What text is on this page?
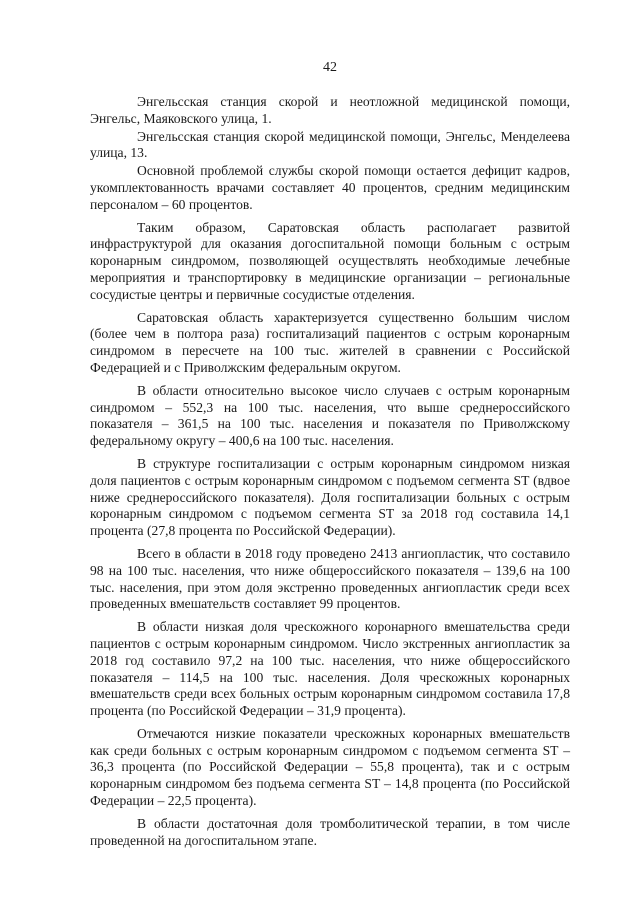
42

Энгельсская станция скорой и неотложной медицинской помощи, Энгельс, Маяковского улица, 1.

Энгельсская станция скорой медицинской помощи, Энгельс, Менделеева улица, 13.

Основной проблемой службы скорой помощи остается дефицит кадров, укомплектованность врачами составляет 40 процентов, средним медицинским персоналом – 60 процентов.

Таким образом, Саратовская область располагает развитой инфраструктурой для оказания догоспитальной помощи больным с острым коронарным синдромом, позволяющей осуществлять необходимые лечебные мероприятия и транспортировку в медицинские организации – региональные сосудистые центры и первичные сосудистые отделения.

Саратовская область характеризуется существенно большим числом (более чем в полтора раза) госпитализаций пациентов с острым коронарным синдромом в пересчете на 100 тыс. жителей в сравнении с Российской Федерацией и с Приволжским федеральным округом.

В области относительно высокое число случаев с острым коронарным синдромом – 552,3 на 100 тыс. населения, что выше среднероссийского показателя – 361,5 на 100 тыс. населения и показателя по Приволжскому федеральному округу – 400,6 на 100 тыс. населения.

В структуре госпитализации с острым коронарным синдромом низкая доля пациентов с острым коронарным синдромом с подъемом сегмента ST (вдвое ниже среднероссийского показателя). Доля госпитализации больных с острым коронарным синдромом с подъемом сегмента ST за 2018 год составила 14,1 процента (27,8 процента по Российской Федерации).

Всего в области в 2018 году проведено 2413 ангиопластик, что составило 98 на 100 тыс. населения, что ниже общероссийского показателя – 139,6 на 100 тыс. населения, при этом доля экстренно проведенных ангиопластик среди всех проведенных вмешательств составляет 99 процентов.

В области низкая доля чрескожного коронарного вмешательства среди пациентов с острым коронарным синдромом. Число экстренных ангиопластик за 2018 год составило 97,2 на 100 тыс. населения, что ниже общероссийского показателя – 114,5 на 100 тыс. населения. Доля чрескожных коронарных вмешательств среди всех больных острым коронарным синдромом составила 17,8 процента (по Российской Федерации – 31,9 процента).

Отмечаются низкие показатели чрескожных коронарных вмешательств как среди больных с острым коронарным синдромом с подъемом сегмента ST – 36,3 процента (по Российской Федерации – 55,8 процента), так и с острым коронарным синдромом без подъема сегмента ST – 14,8 процента (по Российской Федерации – 22,5 процента).

В области достаточная доля тромболитической терапии, в том числе проведенной на догоспитальном этапе.
